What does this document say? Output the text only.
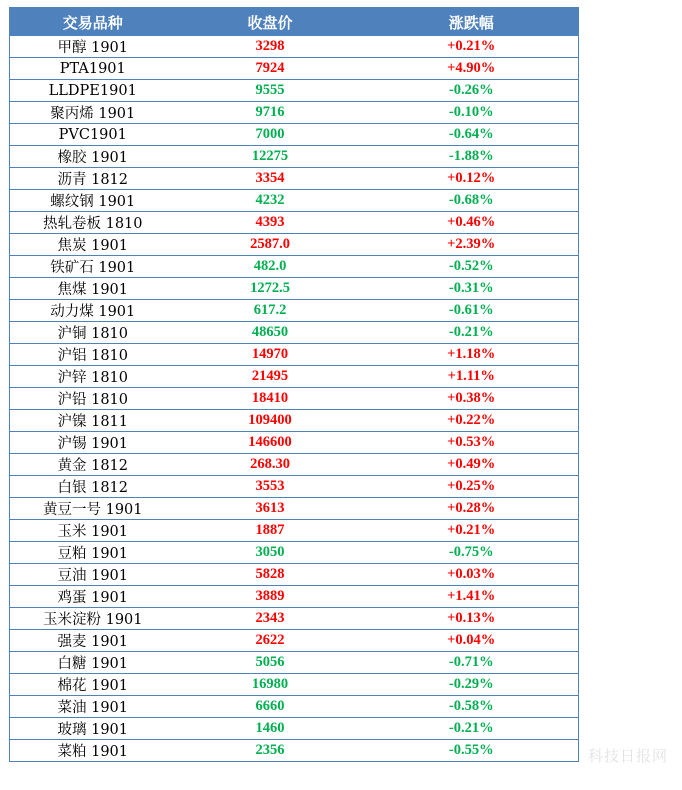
交易品种	收盘价	涨跌幅
甲醇 1901	3298	+0.21%
PTA1901	7924	+4.90%
LLDPE1901	9555	-0.26%
聚丙烯 1901	9716	-0.10%
PVC1901	7000	-0.64%
橡胶 1901	12275	-1.88%
沥青 1812	3354	+0.12%
螺纹钢 1901	4232	-0.68%
热轧卷板 1810	4393	+0.46%
焦炭 1901	2587.0	+2.39%
铁矿石 1901	482.0	-0.52%
焦煤 1901	1272.5	-0.31%
动力煤 1901	617.2	-0.61%
沪铜 1810	48650	-0.21%
沪铝 1810	14970	+1.18%
沪锌 1810	21495	+1.11%
沪铅 1810	18410	+0.38%
沪镍 1811	109400	+0.22%
沪锡 1901	146600	+0.53%
黄金 1812	268.30	+0.49%
白银 1812	3553	+0.25%
黄豆一号 1901	3613	+0.28%
玉米 1901	1887	+0.21%
豆粕 1901	3050	-0.75%
豆油 1901	5828	+0.03%
鸡蛋 1901	3889	+1.41%
玉米淀粉 1901	2343	+0.13%
强麦 1901	2622	+0.04%
白糖 1901	5056	-0.71%
棉花 1901	16980	-0.29%
菜油 1901	6660	-0.58%
玻璃 1901	1460	-0.21%
菜粕 1901	2356	-0.55%	科技日报网
